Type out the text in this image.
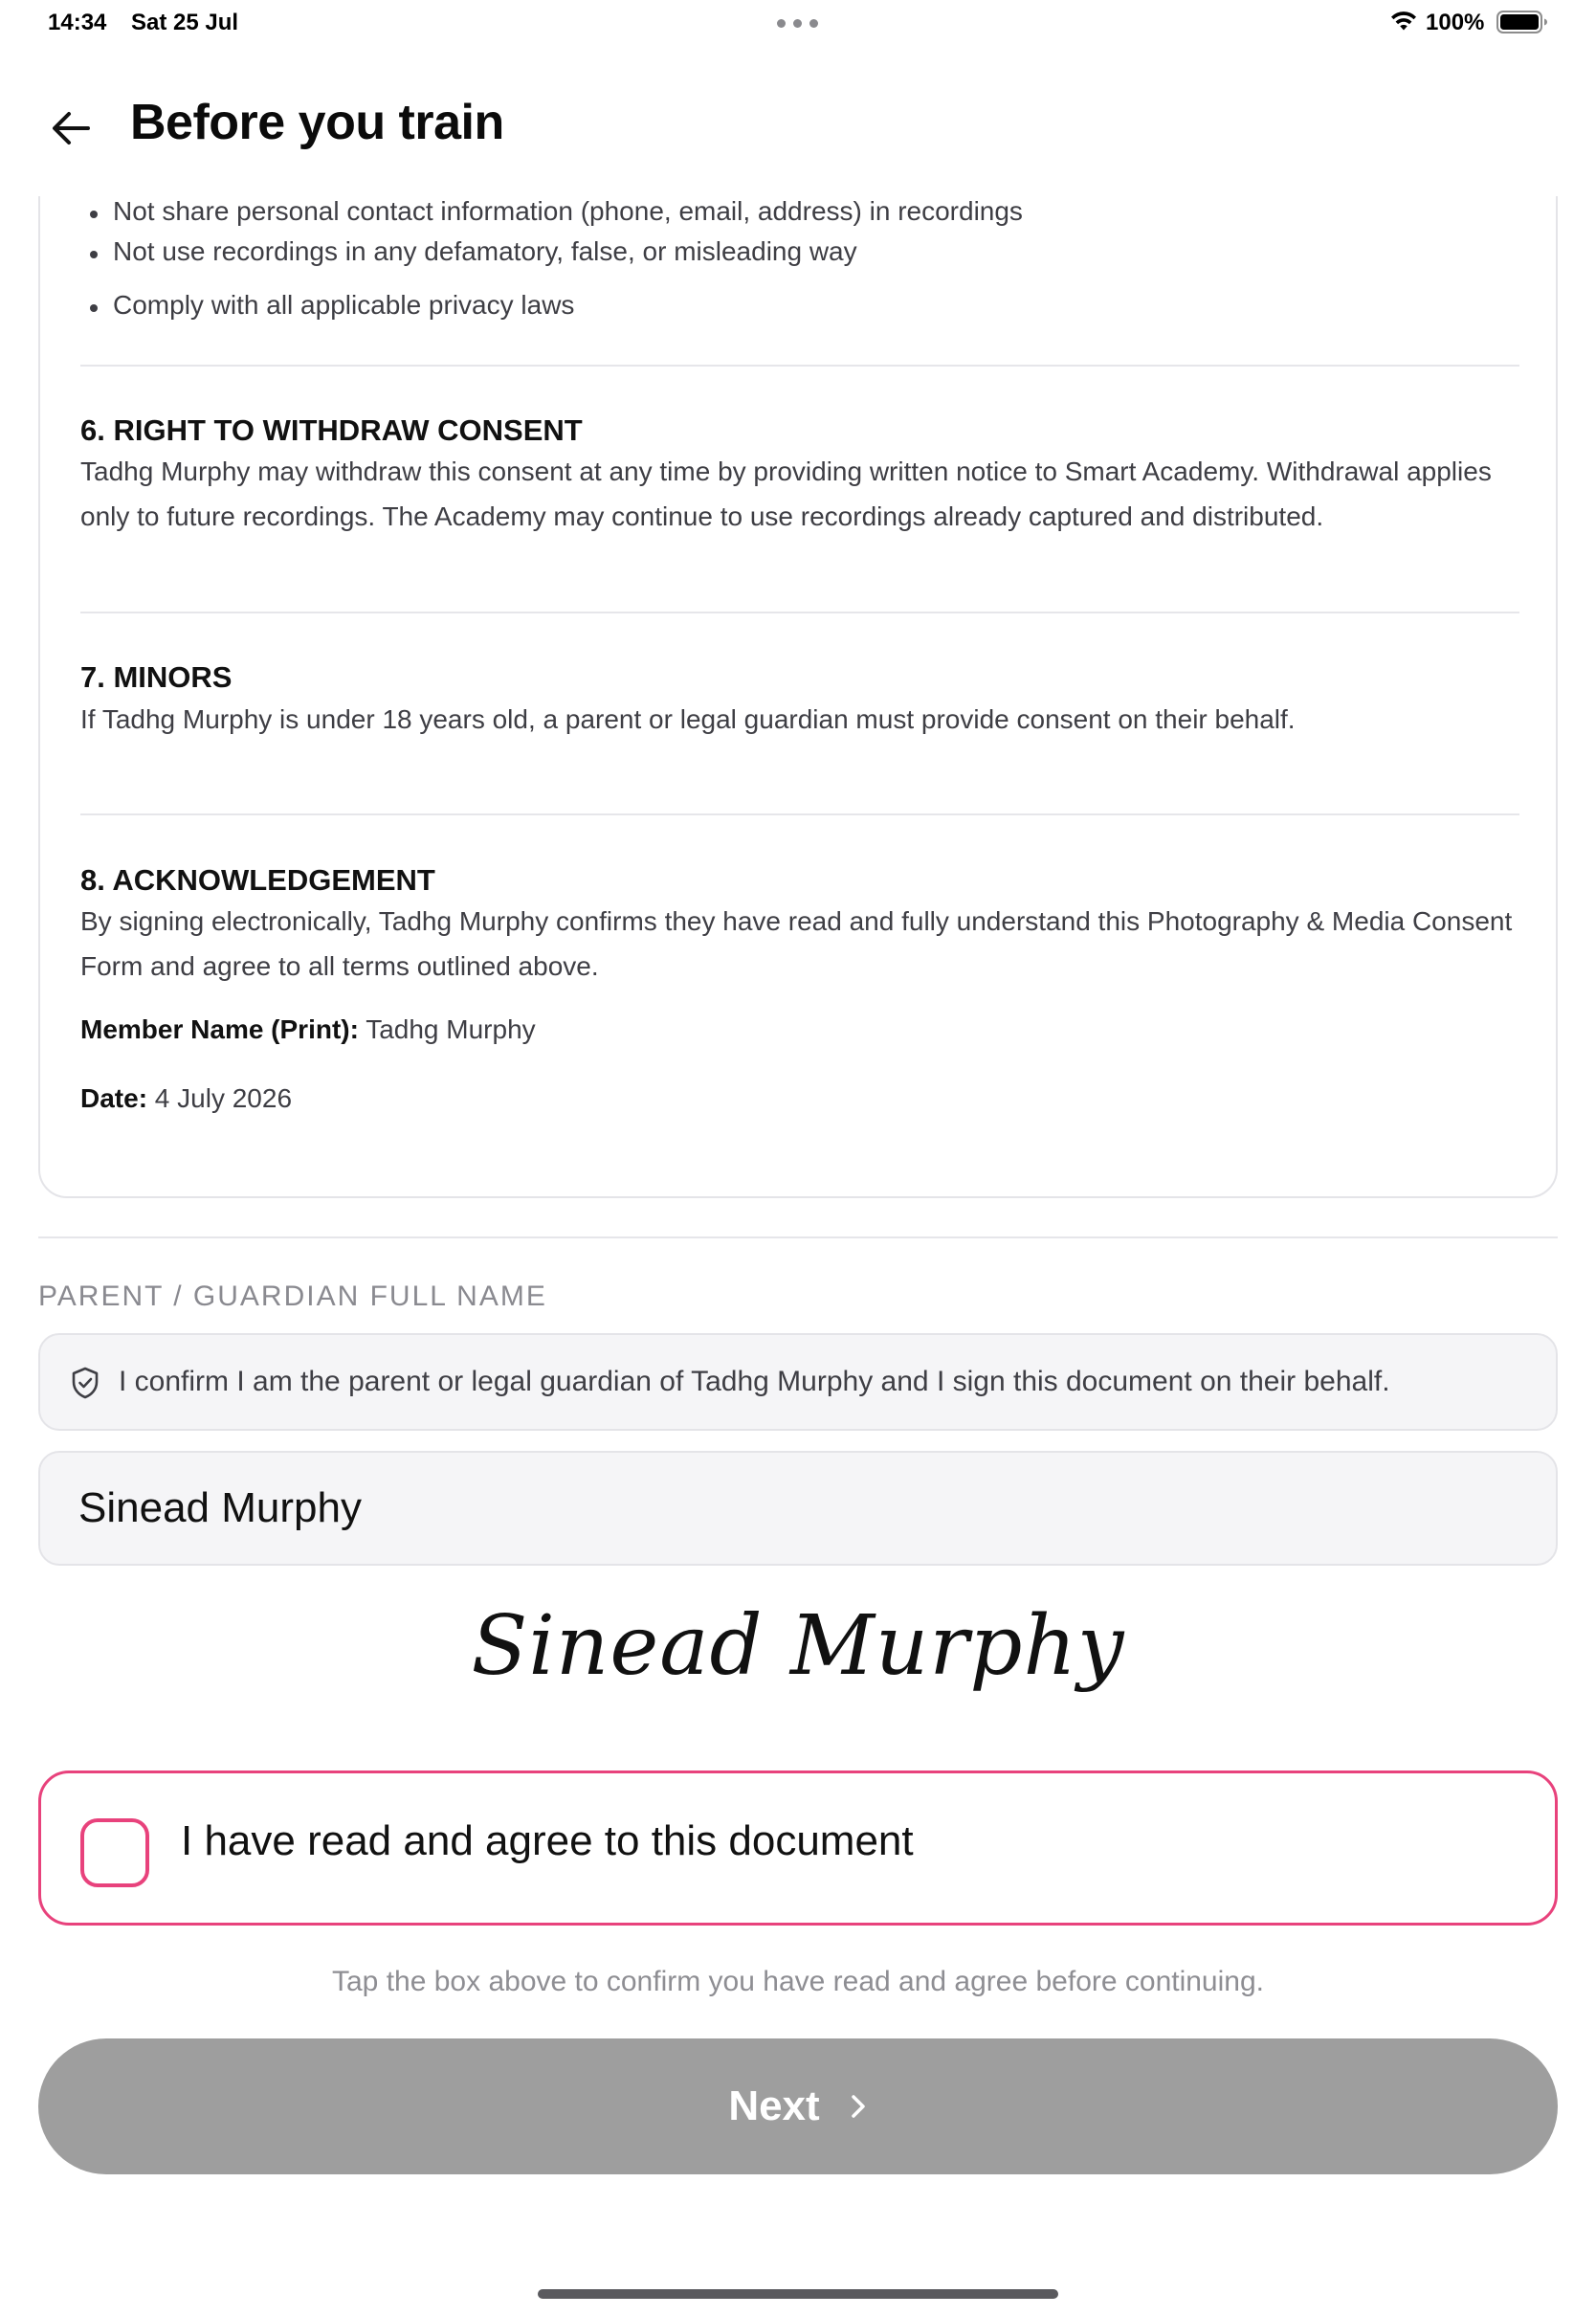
14:34 Sat 25 Jul	100%
Before you train
Not share personal contact information (phone, email, address) in recordings
Not use recordings in any defamatory, false, or misleading way
Comply with all applicable privacy laws
6. RIGHT TO WITHDRAW CONSENT
Tadhg Murphy may withdraw this consent at any time by providing written notice to Smart Academy. Withdrawal applies only to future recordings. The Academy may continue to use recordings already captured and distributed.
7. MINORS
If Tadhg Murphy is under 18 years old, a parent or legal guardian must provide consent on their behalf.
8. ACKNOWLEDGEMENT
By signing electronically, Tadhg Murphy confirms they have read and fully understand this Photography & Media Consent Form and agree to all terms outlined above.
Member Name (Print): Tadhg Murphy
Date: 4 July 2026
PARENT / GUARDIAN FULL NAME
I confirm I am the parent or legal guardian of Tadhg Murphy and I sign this document on their behalf.
Sinead Murphy
Sinead Murphy
I have read and agree to this document
Tap the box above to confirm you have read and agree before continuing.
Next
